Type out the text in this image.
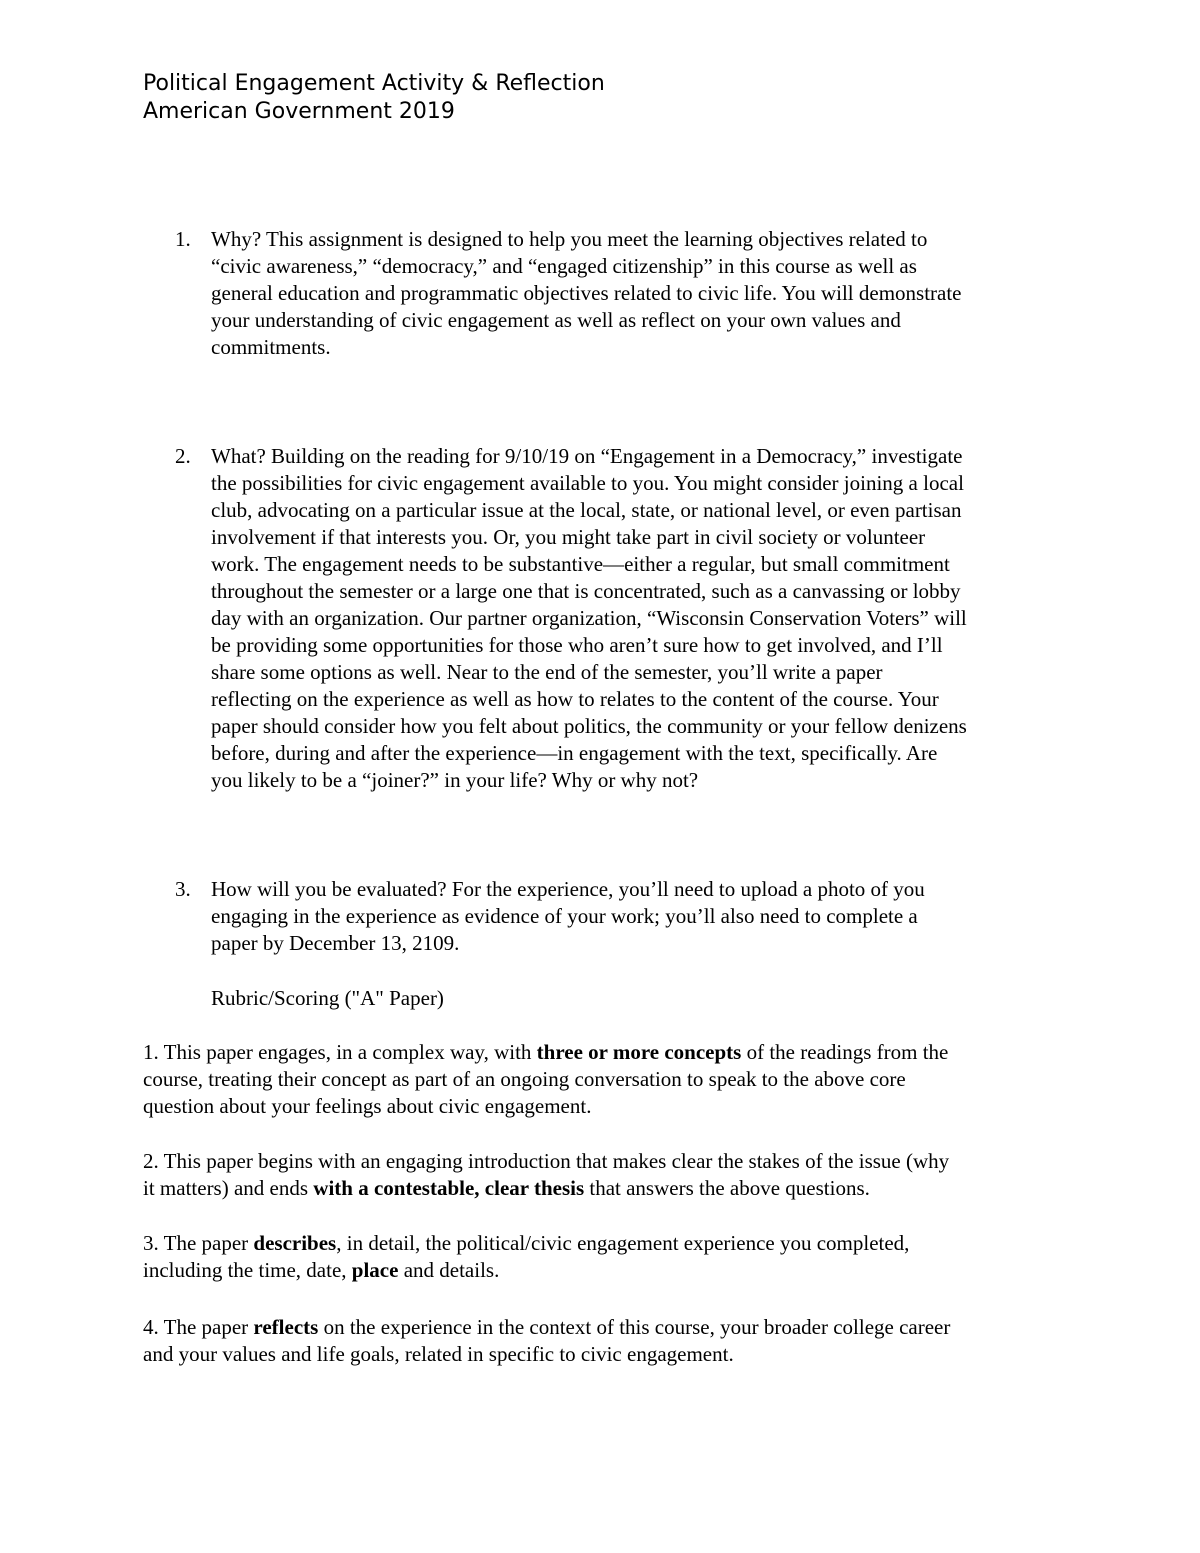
Political Engagement Activity & Reflection
American Government 2019
1. Why? This assignment is designed to help you meet the learning objectives related to
“civic awareness,” “democracy,” and “engaged citizenship” in this course as well as
general education and programmatic objectives related to civic life. You will demonstrate
your understanding of civic engagement as well as reflect on your own values and
commitments.
2. What? Building on the reading for 9/10/19 on “Engagement in a Democracy,” investigate
the possibilities for civic engagement available to you. You might consider joining a local
club, advocating on a particular issue at the local, state, or national level, or even partisan
involvement if that interests you. Or, you might take part in civil society or volunteer
work. The engagement needs to be substantive—either a regular, but small commitment
throughout the semester or a large one that is concentrated, such as a canvassing or lobby
day with an organization. Our partner organization, “Wisconsin Conservation Voters” will
be providing some opportunities for those who aren’t sure how to get involved, and I’ll
share some options as well. Near to the end of the semester, you’ll write a paper
reflecting on the experience as well as how to relates to the content of the course. Your
paper should consider how you felt about politics, the community or your fellow denizens
before, during and after the experience—in engagement with the text, specifically. Are
you likely to be a “joiner?” in your life? Why or why not?
3. How will you be evaluated? For the experience, you’ll need to upload a photo of you
engaging in the experience as evidence of your work; you’ll also need to complete a
paper by December 13, 2109.
Rubric/Scoring ("A" Paper)
1. This paper engages, in a complex way, with three or more concepts of the readings from the
course, treating their concept as part of an ongoing conversation to speak to the above core
question about your feelings about civic engagement.
2. This paper begins with an engaging introduction that makes clear the stakes of the issue (why
it matters) and ends with a contestable, clear thesis that answers the above questions.
3. The paper describes, in detail, the political/civic engagement experience you completed,
including the time, date, place and details.
4. The paper reflects on the experience in the context of this course, your broader college career
and your values and life goals, related in specific to civic engagement.
